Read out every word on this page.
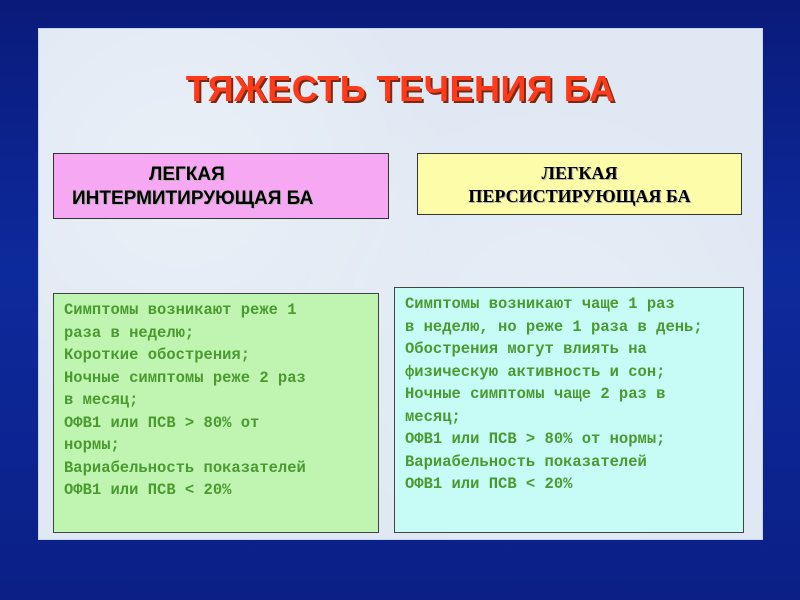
ТЯЖЕСТЬ ТЕЧЕНИЯ БА
ЛЕГКАЯ
ИНТЕРМИТИРУЮЩАЯ БА
ЛЕГКАЯ
ПЕРСИСТИРУЮЩАЯ БА
Симптомы возникают реже 1
раза в неделю;
Короткие обострения;
Ночные симптомы реже 2 раз
в месяц;
ОФВ1 или ПСВ > 80% от
нормы;
Вариабельность показателей
ОФВ1 или ПСВ < 20%
Симптомы возникают чаще 1 раз
в неделю, но реже 1 раза в день;
Обострения могут влиять на
физическую активность и сон;
Ночные симптомы чаще 2 раз в
месяц;
ОФВ1 или ПСВ > 80% от нормы;
Вариабельность показателей
ОФВ1 или ПСВ < 20%
